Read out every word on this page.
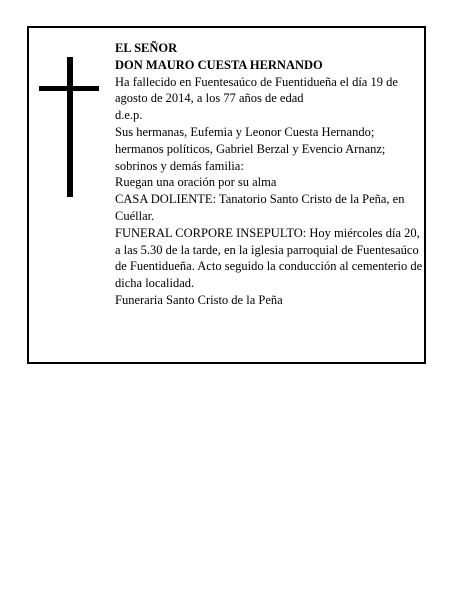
EL SEÑOR

DON MAURO CUESTA HERNANDO

Ha fallecido en Fuentesaúco de Fuentidueña el día 19 de agosto de 2014, a los 77 años de edad

d.e.p.

Sus hermanas, Eufemia y Leonor Cuesta Hernando; hermanos políticos, Gabriel Berzal y Evencio Arnanz; sobrinos y demás familia:

Ruegan una oración por su alma

CASA DOLIENTE: Tanatorio Santo Cristo de la Peña, en Cuéllar.

FUNERAL CORPORE INSEPULTO: Hoy miércoles día 20, a las 5.30 de la tarde, en la iglesia parroquial de Fuentesaúco de Fuentidueña. Acto seguido la conducción al cementerio de dicha localidad.

Funeraria Santo Cristo de la Peña
